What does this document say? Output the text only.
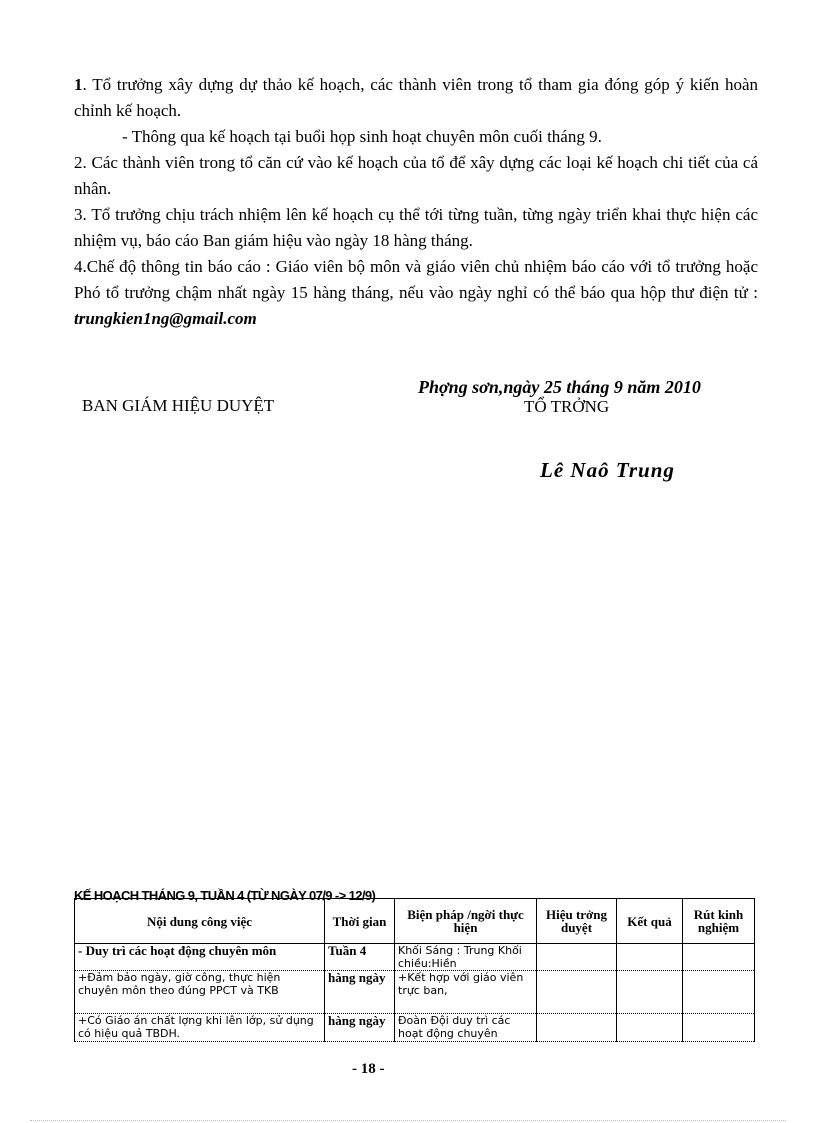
1. Tổ trưởng xây dựng dự thảo kế hoạch, các thành viên trong tổ tham gia đóng góp ý kiến hoàn chỉnh kế hoạch.

- Thông qua kế hoạch tại buổi họp sinh hoạt chuyên môn cuối tháng 9.

2. Các thành viên trong tổ căn cứ vào kế hoạch của tổ để xây dựng các loại kế hoạch chi tiết của cá nhân.

3. Tổ trưởng chịu trách nhiệm lên kế hoạch cụ thể tới từng tuần, từng ngày triển khai thực hiện các nhiệm vụ, báo cáo Ban giám hiệu vào ngày 18 hàng tháng.

4.Chế độ thông tin báo cáo : Giáo viên bộ môn và giáo viên chủ nhiệm báo cáo với tổ trưởng hoặc Phó tổ trưởng chậm nhất ngày 15 hàng tháng, nếu vào ngày nghỉ có thể báo qua hộp thư điện tử : trungkien1ng@gmail.com

BAN GIÁM HIỆU DUYỆT
Phợng sơn,ngày 25 tháng 9 năm 2010
TỔ TRỞNG
Lê Naô Trung
KẾ HOẠCH THÁNG 9, TUẦN 4 (TỪ NGÀY 07/9 -> 12/9)
Nội dung công việc	Thời gian	Biện pháp /ngời thực hiện	Hiệu trởng duyệt	Kết quả	Rút kinh nghiệm
- Duy trì các hoạt động chuyên môn	Tuần 4	Khối Sáng : Trung Khối chiều:Hiền			
+Đảm bảo ngày, giờ công, thực hiện chuyên môn theo đúng PPCT và TKB	hàng ngày	+Kết hợp với giáo viên trực ban,			
+Có Giáo án chất lợng khi lên lớp, sử dụng có hiệu quả TBDH.	hàng ngày	Đoàn Đội duy trì các hoạt động chuyên			
- 18 -
